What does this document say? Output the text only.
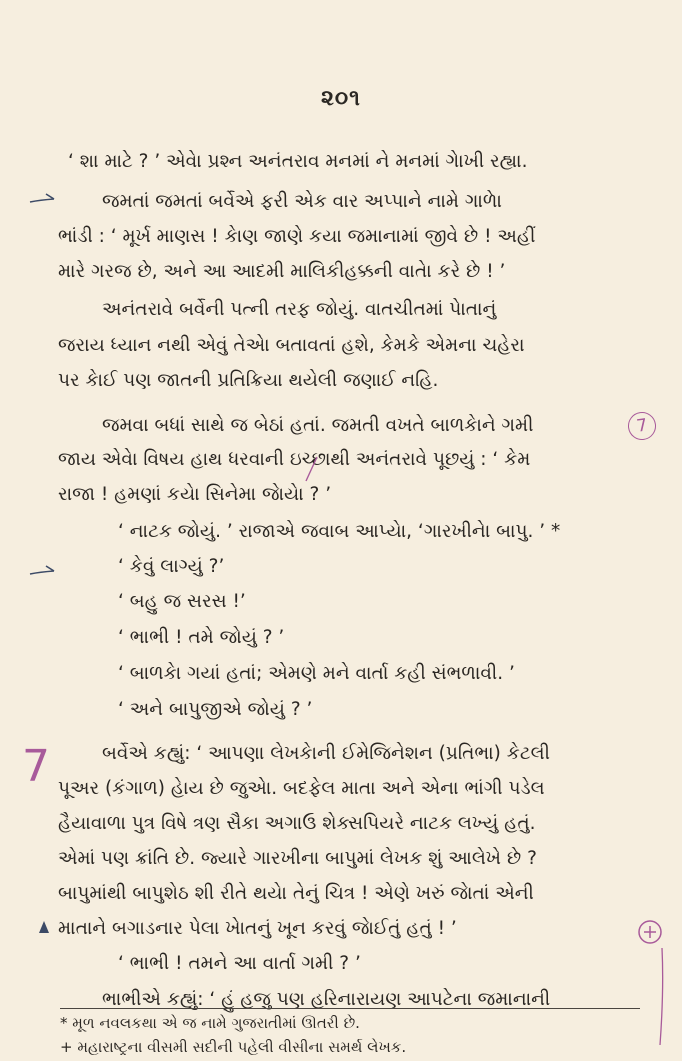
૨૦૧
‘ શા માટે ? ’ એવેા પ્રશ્ન અનંતરાવ મનમાં ને મનમાં ગેાખી રહ્યા.
જમતાં જમતાં બર્વેએ ફરી એક વાર અપ્પાને નામે ગાળેા
ભાંડી : ‘ મૂર્ખ માણસ ! કેાણ જાણે કયા જમાનામાં જીવે છે ! અહીં
મારે ગરજ છે, અને આ આદમી માલિકીહક્કની વાતેા કરે છે ! ’
અનંતરાવે બર્વેની પત્ની તરફ જોયું. વાતચીતમાં પેાતાનું
જરાય ધ્યાન નથી એવું તેએા બતાવતાં હશે, કેમકે એમના ચહેરા
પર કેાઈ પણ જાતની પ્રતિક્રિયા થયેલી જણાઈ નહિ.
જમવા બધાં સાથે જ બેઠાં હતાં. જમતી વખતે બાળકેાને ગમી
જાય એવેા વિષય હાથ ધરવાની ઇચ્છાથી અનંતરાવે પૂછયું : ‘ કેમ
રાજા ! હમણાં કયેા સિનેમા જેાયેા ? ’
‘ નાટક જોયું. ’ રાજાએ જવાબ આપ્યેા, ‘ગારખીનેા બાપુ. ’ *
‘ કેવું લાગ્યું ?’
‘ બહુ જ સરસ !’
‘ ભાભી ! તમે જોયું ? ’
‘ બાળકેા ગયાં હતાં; એમણે મને વાર્તા કહી સંભળાવી. ’
‘ અને બાપુજીએ જોયું ? ’
બર્વેએ કહ્યું: ‘ આપણા લેખકેાની ઈમેજિનેશન (પ્રતિભા) કેટલી
પૂઅર (કંગાળ) હેાય છે જુએા. બદફેલ માતા અને એના ભાંગી પડેલ
હૈયાવાળા પુત્ર વિષે ત્રણ સૈકા અગાઉ શેક્સપિયરે નાટક લખ્યું હતું.
એમાં પણ ક્રાંતિ છે. જ્યારે ગારખીના બાપુમાં લેખક શું આલેખે છે ?
બાપુમાંથી બાપુશેઠ શી રીતે થયેા તેનું ચિત્ર ! એણે ખરું જેાતાં એની
માતાને બગાડનાર પેલા ખેાતનું ખૂન કરવું જેાઈતું હતું ! ’
‘ ભાભી ! તમને આ વાર્તા ગમી ? ’
ભાભીએ કહ્યું: ‘ હું હજુ પણ હરિનારાયણ આપટેના જમાનાની
* મૂળ નવલકથા એ જ નામે ગુજરાતીમાં ઊતરી છે.
+ મહારાષ્ટ્રના વીસમી સદીની પહેલી વીસીના સમર્થ લેખક.
7
7
